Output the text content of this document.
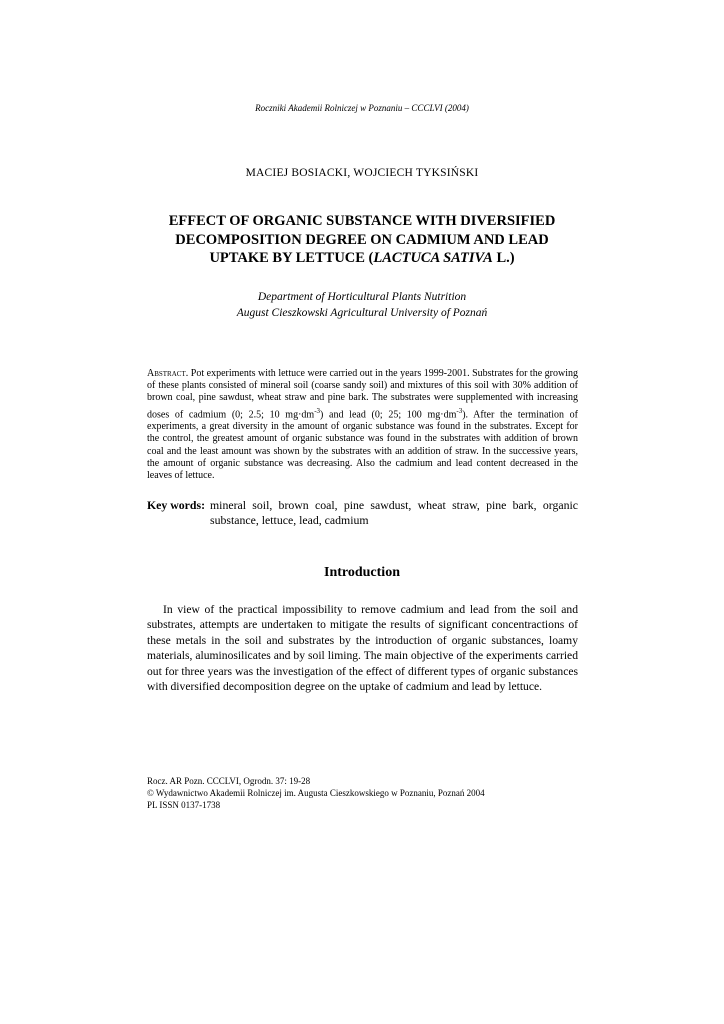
Roczniki Akademii Rolniczej w Poznaniu – CCCLVI (2004)
MACIEJ BOSIACKI, WOJCIECH TYKSIŃSKI
EFFECT OF ORGANIC SUBSTANCE WITH DIVERSIFIED
DECOMPOSITION DEGREE ON CADMIUM AND LEAD
UPTAKE BY LETTUCE (LACTUCA SATIVA L.)
Department of Horticultural Plants Nutrition
August Cieszkowski Agricultural University of Poznań
Abstract. Pot experiments with lettuce were carried out in the years 1999-2001. Substrates for the growing of these plants consisted of mineral soil (coarse sandy soil) and mixtures of this soil with 30% addition of brown coal, pine sawdust, wheat straw and pine bark. The substrates were supplemented with increasing doses of cadmium (0; 2.5; 10 $mg\cdot dm^{-3}$) and lead (0; 25; 100 $mg\cdot dm^{-3}$). After the termination of experiments, a great diversity in the amount of organic substance was found in the substrates. Except for the control, the greatest amount of organic substance was found in the substrates with addition of brown coal and the least amount was shown by the substrates with an addition of straw. In the successive years, the amount of organic substance was decreasing. Also the cadmium and lead content decreased in the leaves of lettuce.
Key words: mineral soil, brown coal, pine sawdust, wheat straw, pine bark, organic substance, lettuce, lead, cadmium
Introduction
In view of the practical impossibility to remove cadmium and lead from the soil and substrates, attempts are undertaken to mitigate the results of significant concentractions of these metals in the soil and substrates by the introduction of organic substances, loamy materials, aluminosilicates and by soil liming. The main objective of the experiments carried out for three years was the investigation of the effect of different types of organic substances with diversified decomposition degree on the uptake of cadmium and lead by lettuce.
Rocz. AR Pozn. CCCLVI, Ogrodn. 37: 19-28
© Wydawnictwo Akademii Rolniczej im. Augusta Cieszkowskiego w Poznaniu, Poznań 2004
PL ISSN 0137-1738
